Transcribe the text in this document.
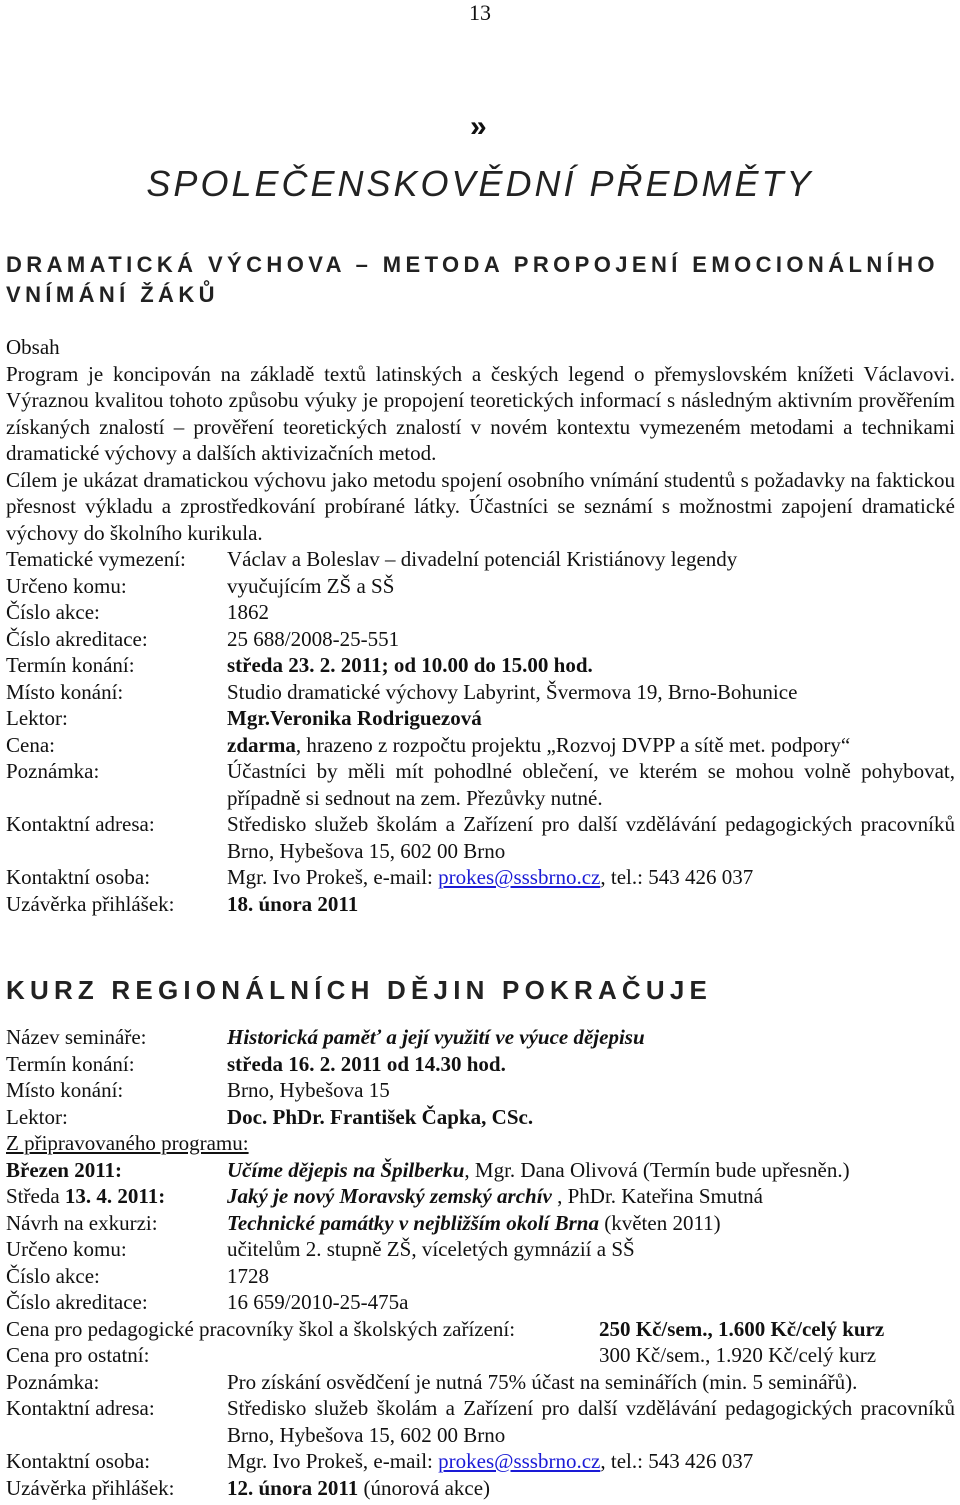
13
»
SPOLEČENSKOVĚDNÍ PŘEDMĚTY
DRAMATICKÁ VÝCHOVA – METODA PROPOJENÍ EMOCIONÁLNÍHO
VNÍMÁNÍ ŽÁKŮ

Obsah

Program je koncipován na základě textů latinských a českých legend o přemyslovském knížeti Václavovi. Výraznou kvalitou tohoto způsobu výuky je propojení teoretických informací s následným aktivním prověřením získaných znalostí – prověření teoretických znalostí v novém kontextu vymezeném metodami a technikami dramatické výchovy a dalších aktivizačních metod.

Cílem je ukázat dramatickou výchovu jako metodu spojení osobního vnímání studentů s požadavky na faktickou přesnost výkladu a zprostředkování probírané látky. Účastníci se seznámí s možnostmi zapojení dramatické výchovy do školního kurikula.

Tematické vymezení:	Václav a Boleslav – divadelní potenciál Kristiánovy legendy
Určeno komu:	vyučujícím ZŠ a SŠ
Číslo akce:	1862
Číslo akreditace:	25 688/2008-25-551
Termín konání:	středa 23. 2. 2011; od 10.00 do 15.00 hod.
Místo konání:	Studio dramatické výchovy Labyrint, Švermova 19, Brno-Bohunice
Lektor:	Mgr.Veronika Rodriguezová
Cena:	zdarma, hrazeno z rozpočtu projektu „Rozvoj DVPP a sítě met. podpory“
Poznámka:	Účastníci by měli mít pohodlné oblečení, ve kterém se mohou volně pohybovat, případně si sednout na zem. Přezůvky nutné.
Kontaktní adresa:	Středisko služeb školám a Zařízení pro další vzdělávání pedagogických pracovníků Brno, Hybešova 15, 602 00 Brno
Kontaktní osoba:	Mgr. Ivo Prokeš, e-mail: prokes@sssbrno.cz, tel.: 543 426 037
Uzávěrka přihlášek:	18. února 2011
KURZ REGIONÁLNÍCH DĚJIN POKRAČUJE
Název semináře:	Historická paměť a její využití ve výuce dějepisu
Termín konání:	středa 16. 2. 2011 od 14.30 hod.
Místo konání:	Brno, Hybešova 15
Lektor:	Doc. PhDr. František Čapka, CSc.

Z připravovaného programu:

Březen 2011:	Učíme dějepis na Špilberku, Mgr. Dana Olivová (Termín bude upřesněn.)
Středa 13. 4. 2011:	Jaký je nový Moravský zemský archív , PhDr. Kateřina Smutná
Návrh na exkurzi:	Technické památky v nejbližším okolí Brna (květen 2011)
Určeno komu:	učitelům 2. stupně ZŠ, víceletých gymnázií a SŠ
Číslo akce:	1728
Číslo akreditace:	16 659/2010-25-475a
Cena pro pedagogické pracovníky škol a školských zařízení:	250 Kč/sem., 1.600 Kč/celý kurz
Cena pro ostatní:	300 Kč/sem., 1.920 Kč/celý kurz
Poznámka:	Pro získání osvědčení je nutná 75% účast na seminářích (min. 5 seminářů).
Kontaktní adresa:	Středisko služeb školám a Zařízení pro další vzdělávání pedagogických pracovníků Brno, Hybešova 15, 602 00 Brno
Kontaktní osoba:	Mgr. Ivo Prokeš, e-mail: prokes@sssbrno.cz, tel.: 543 426 037
Uzávěrka přihlášek:	12. února 2011 (únorová akce)
